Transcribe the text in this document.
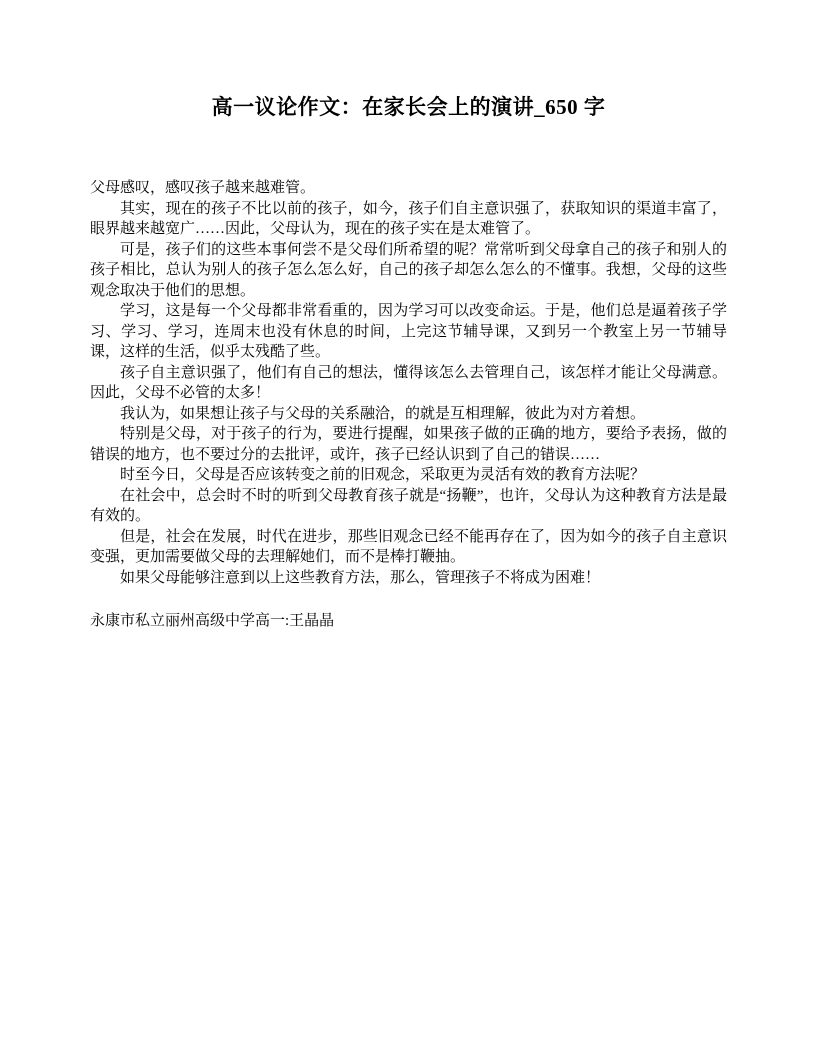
高一议论作文：在家长会上的演讲_650 字

父母感叹，感叹孩子越来越难管。

其实，现在的孩子不比以前的孩子，如今，孩子们自主意识强了，获取知识的渠道丰富了，眼界越来越宽广……因此，父母认为，现在的孩子实在是太难管了。

可是，孩子们的这些本事何尝不是父母们所希望的呢？常常听到父母拿自己的孩子和别人的孩子相比，总认为别人的孩子怎么怎么好，自己的孩子却怎么怎么的不懂事。我想，父母的这些观念取决于他们的思想。

学习，这是每一个父母都非常看重的，因为学习可以改变命运。于是，他们总是逼着孩子学习、学习、学习，连周末也没有休息的时间，上完这节辅导课，又到另一个教室上另一节辅导课，这样的生活，似乎太残酷了些。

孩子自主意识强了，他们有自己的想法，懂得该怎么去管理自己，该怎样才能让父母满意。因此，父母不必管的太多！

我认为，如果想让孩子与父母的关系融洽，的就是互相理解，彼此为对方着想。

特别是父母，对于孩子的行为，要进行提醒，如果孩子做的正确的地方，要给予表扬，做的错误的地方，也不要过分的去批评，或许，孩子已经认识到了自己的错误……

时至今日，父母是否应该转变之前的旧观念，采取更为灵活有效的教育方法呢？

在社会中，总会时不时的听到父母教育孩子就是“扬鞭”，也许，父母认为这种教育方法是最有效的。

但是，社会在发展，时代在进步，那些旧观念已经不能再存在了，因为如今的孩子自主意识变强，更加需要做父母的去理解她们，而不是棒打鞭抽。

如果父母能够注意到以上这些教育方法，那么，管理孩子不将成为困难！

永康市私立丽州高级中学高一:王晶晶
